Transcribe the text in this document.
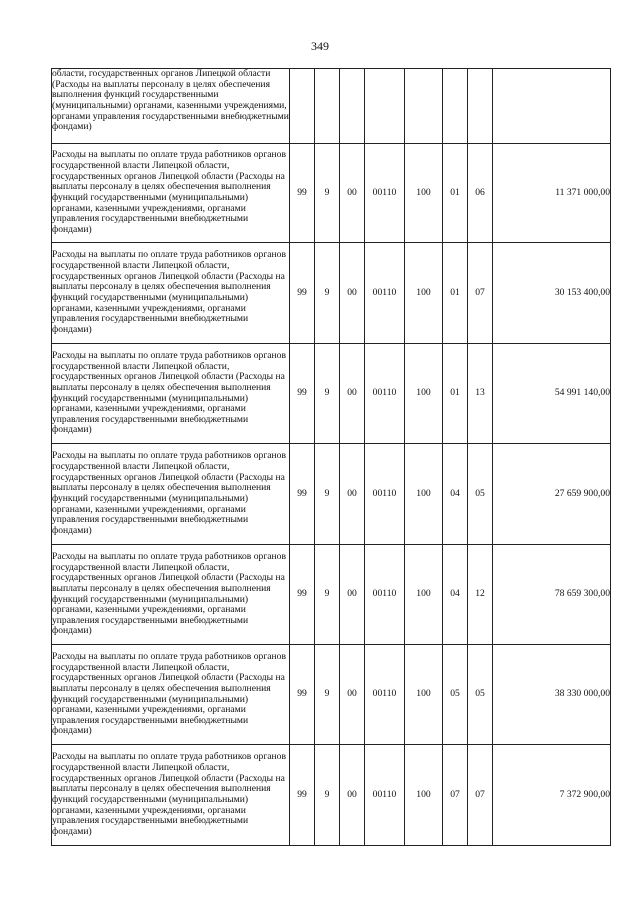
349
области, государственных органов Липецкой области (Расходы на выплаты персоналу в целях обеспечения выполнения функций государственными (муниципальными) органами, казенными учреждениями, органами управления государственными внебюджетными фондами)								
Расходы на выплаты по оплате труда работников органов государственной власти Липецкой области, государственных органов Липецкой области (Расходы на выплаты персоналу в целях обеспечения выполнения функций государственными (муниципальными) органами, казенными учреждениями, органами управления государственными внебюджетными фондами)	99	9	00	00110	100	01	06	11 371 000,00
Расходы на выплаты по оплате труда работников органов государственной власти Липецкой области, государственных органов Липецкой области (Расходы на выплаты персоналу в целях обеспечения выполнения функций государственными (муниципальными) органами, казенными учреждениями, органами управления государственными внебюджетными фондами)	99	9	00	00110	100	01	07	30 153 400,00
Расходы на выплаты по оплате труда работников органов государственной власти Липецкой области, государственных органов Липецкой области (Расходы на выплаты персоналу в целях обеспечения выполнения функций государственными (муниципальными) органами, казенными учреждениями, органами управления государственными внебюджетными фондами)	99	9	00	00110	100	01	13	54 991 140,00
Расходы на выплаты по оплате труда работников органов государственной власти Липецкой области, государственных органов Липецкой области (Расходы на выплаты персоналу в целях обеспечения выполнения функций государственными (муниципальными) органами, казенными учреждениями, органами управления государственными внебюджетными фондами)	99	9	00	00110	100	04	05	27 659 900,00
Расходы на выплаты по оплате труда работников органов государственной власти Липецкой области, государственных органов Липецкой области (Расходы на выплаты персоналу в целях обеспечения выполнения функций государственными (муниципальными) органами, казенными учреждениями, органами управления государственными внебюджетными фондами)	99	9	00	00110	100	04	12	78 659 300,00
Расходы на выплаты по оплате труда работников органов государственной власти Липецкой области, государственных органов Липецкой области (Расходы на выплаты персоналу в целях обеспечения выполнения функций государственными (муниципальными) органами, казенными учреждениями, органами управления государственными внебюджетными фондами)	99	9	00	00110	100	05	05	38 330 000,00
Расходы на выплаты по оплате труда работников органов государственной власти Липецкой области, государственных органов Липецкой области (Расходы на выплаты персоналу в целях обеспечения выполнения функций государственными (муниципальными) органами, казенными учреждениями, органами управления государственными внебюджетными фондами)	99	9	00	00110	100	07	07	7 372 900,00
